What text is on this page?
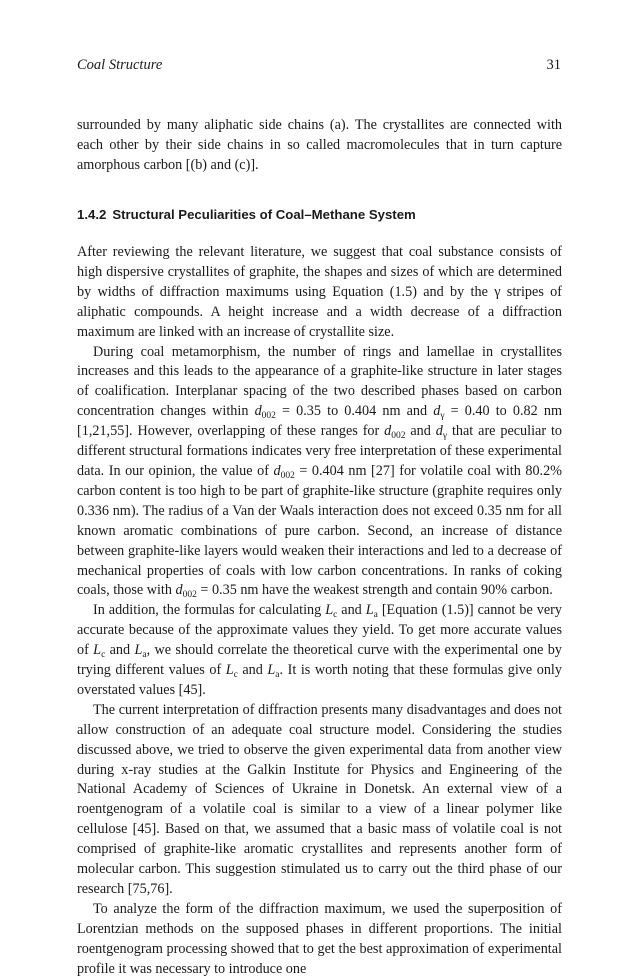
Coal Structure	31

surrounded by many aliphatic side chains (a). The crystallites are connected with each other by their side chains in so called macromolecules that in turn capture amorphous carbon [(b) and (c)].

1.4.2 Structural Peculiarities of Coal–Methane System

After reviewing the relevant literature, we suggest that coal substance consists of high dispersive crystallites of graphite, the shapes and sizes of which are determined by widths of diffraction maximums using Equation (1.5) and by the γ stripes of aliphatic compounds. A height increase and a width decrease of a diffraction maximum are linked with an increase of crystallite size.

During coal metamorphism, the number of rings and lamellae in crystallites increases and this leads to the appearance of a graphite-like structure in later stages of coalification. Interplanar spacing of the two described phases based on carbon concentration changes within $d_{002} = 0.35$ to 0.404 nm and $d_\gamma = 0.40$ to 0.82 nm [1,21,55]. However, overlapping of these ranges for $d_{002}$ and $d_\gamma$ that are peculiar to different structural formations indicates very free interpretation of these experimental data. In our opinion, the value of $d_{002} = 0.404$ nm [27] for volatile coal with 80.2% carbon content is too high to be part of graphite-like structure (graphite requires only 0.336 nm). The radius of a Van der Waals interaction does not exceed 0.35 nm for all known aromatic combinations of pure carbon. Second, an increase of distance between graphite-like layers would weaken their interactions and led to a decrease of mechanical properties of coals with low carbon concentrations. In ranks of coking coals, those with $d_{002} = 0.35$ nm have the weakest strength and contain 90% carbon.

In addition, the formulas for calculating $L_c$ and $L_a$ [Equation (1.5)] cannot be very accurate because of the approximate values they yield. To get more accurate values of $L_c$ and $L_a$, we should correlate the theoretical curve with the experimental one by trying different values of $L_c$ and $L_a$. It is worth noting that these formulas give only overstated values [45].

The current interpretation of diffraction presents many disadvantages and does not allow construction of an adequate coal structure model. Considering the studies discussed above, we tried to observe the given experimental data from another view during x-ray studies at the Galkin Institute for Physics and Engineering of the National Academy of Sciences of Ukraine in Donetsk. An external view of a roentgenogram of a volatile coal is similar to a view of a linear polymer like cellulose [45]. Based on that, we assumed that a basic mass of volatile coal is not comprised of graphite-like aromatic crystallites and represents another form of molecular carbon. This suggestion stimulated us to carry out the third phase of our research [75,76].

To analyze the form of the diffraction maximum, we used the superposition of Lorentzian methods on the supposed phases in different proportions. The initial roentgenogram processing showed that to get the best approximation of experimental profile it was necessary to introduce one
